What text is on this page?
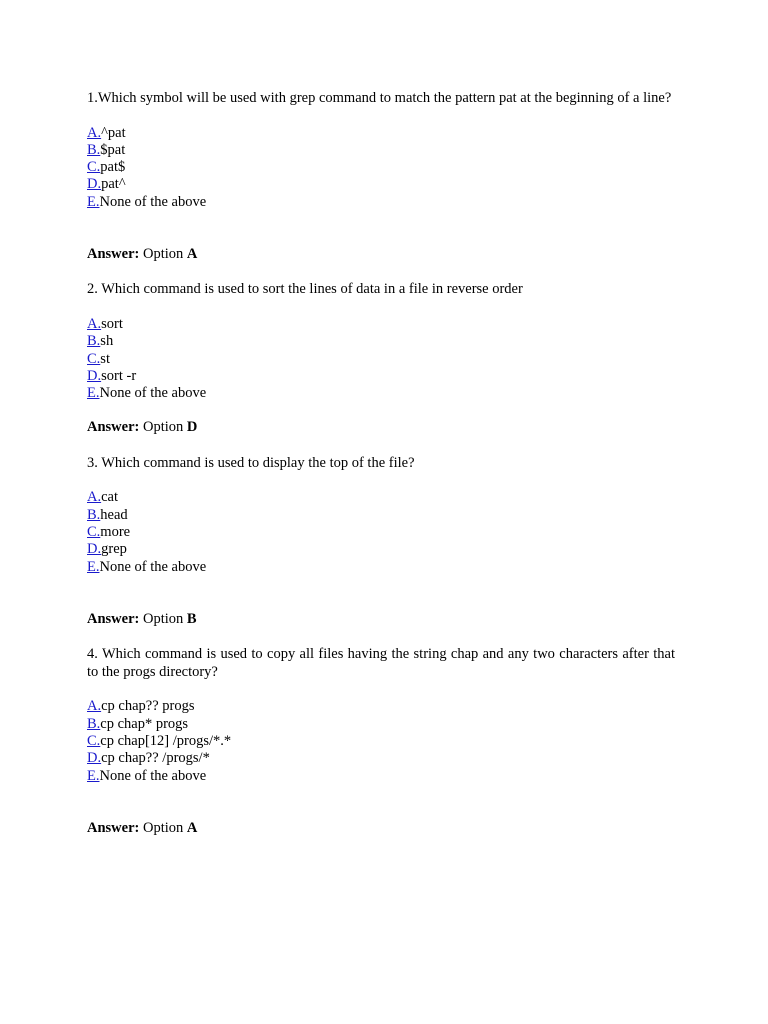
1.Which symbol will be used with grep command to match the pattern pat at the beginning of a line?

A.^pat
B.$pat
C.pat$
D.pat^
E.None of the above
Answer: Option A

2. Which command is used to sort the lines of data in a file in reverse order

A.sort
B.sh
C.st
D.sort -r
E.None of the above
Answer: Option D

3. Which command is used to display the top of the file?

A.cat
B.head
C.more
D.grep
E.None of the above
Answer: Option B

4. Which command is used to copy all files having the string chap and any two characters after that to the progs directory?

A.cp chap?? progs
B.cp chap* progs
C.cp chap[12] /progs/*.*
D.cp chap?? /progs/*
E.None of the above
Answer: Option A
